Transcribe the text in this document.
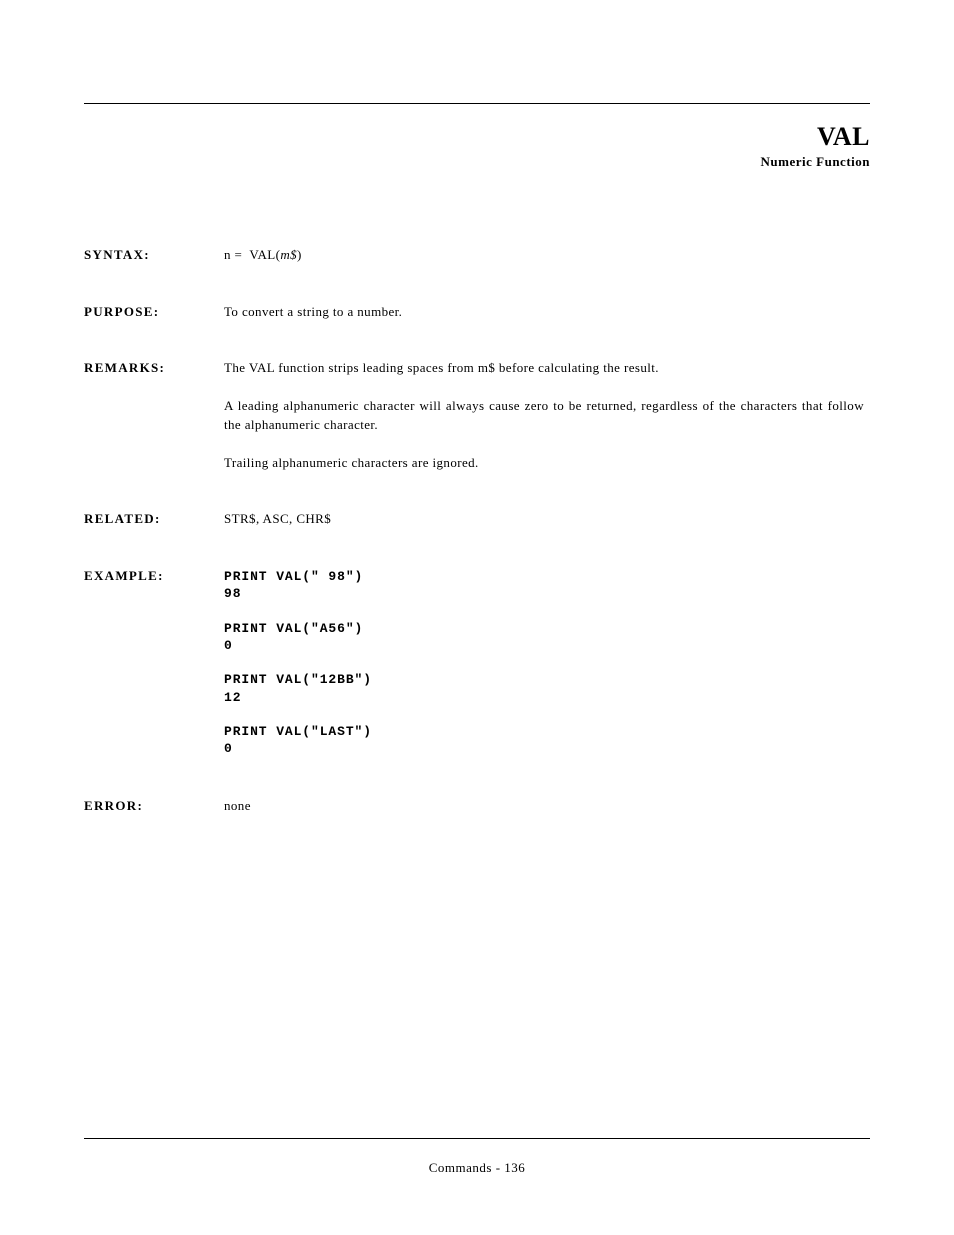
VAL
Numeric Function
SYNTAX:	n =  VAL(m$)
PURPOSE:	To convert a string to a number.
REMARKS:	The VAL function strips leading spaces from m$ before calculating the result.
A leading alphanumeric character will always cause zero to be returned, regardless of the characters that follow the alphanumeric character.
Trailing alphanumeric characters are ignored.
RELATED:	STR$, ASC, CHR$
EXAMPLE:	PRINT VAL(" 98")
98
PRINT VAL("A56")
0
PRINT VAL("12BB")
12
PRINT VAL("LAST")
0
ERROR:	none
Commands - 136
